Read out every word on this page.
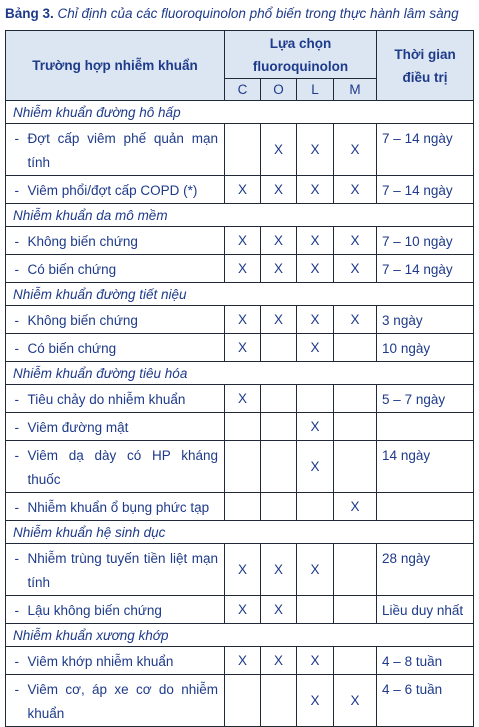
Bảng 3. Chỉ định của các fluoroquinolon phổ biến trong thực hành lâm sàng
Trường hợp nhiễm khuẩn		Lựa chọn
fluoroquinolon				Thời gian
điều trị
		C	O	L	M	
Nhiễm khuẩn đường hô hấp						
-	Đợt cấp viêm phế quản mạn tính		X	X	X	7 – 14 ngày
-	Viêm phổi/đợt cấp COPD (*)	X	X	X	X	7 – 14 ngày
Nhiễm khuẩn da mô mềm						
-	Không biến chứng	X	X	X	X	7 – 10 ngày
-	Có biến chứng	X	X	X	X	7 – 14 ngày
Nhiễm khuẩn đường tiết niệu						
-	Không biến chứng	X	X	X	X	3 ngày
-	Có biến chứng	X		X		10 ngày
Nhiễm khuẩn đường tiêu hóa						
-	Tiêu chảy do nhiễm khuẩn	X				5 – 7 ngày
-	Viêm đường mật			X		
-	Viêm dạ dày có HP kháng thuốc			X		14 ngày
-	Nhiễm khuẩn ổ bụng phức tạp				X	
Nhiễm khuẩn hệ sinh dục						
-	Nhiễm trùng tuyến tiền liệt mạn tính	X	X	X		28 ngày
-	Lậu không biến chứng	X	X			Liều duy nhất
Nhiễm khuẩn xương khớp						
-	Viêm khớp nhiễm khuẩn	X	X	X		4 – 8 tuần
-	Viêm cơ, áp xe cơ do nhiễm khuẩn			X	X	4 – 6 tuần
